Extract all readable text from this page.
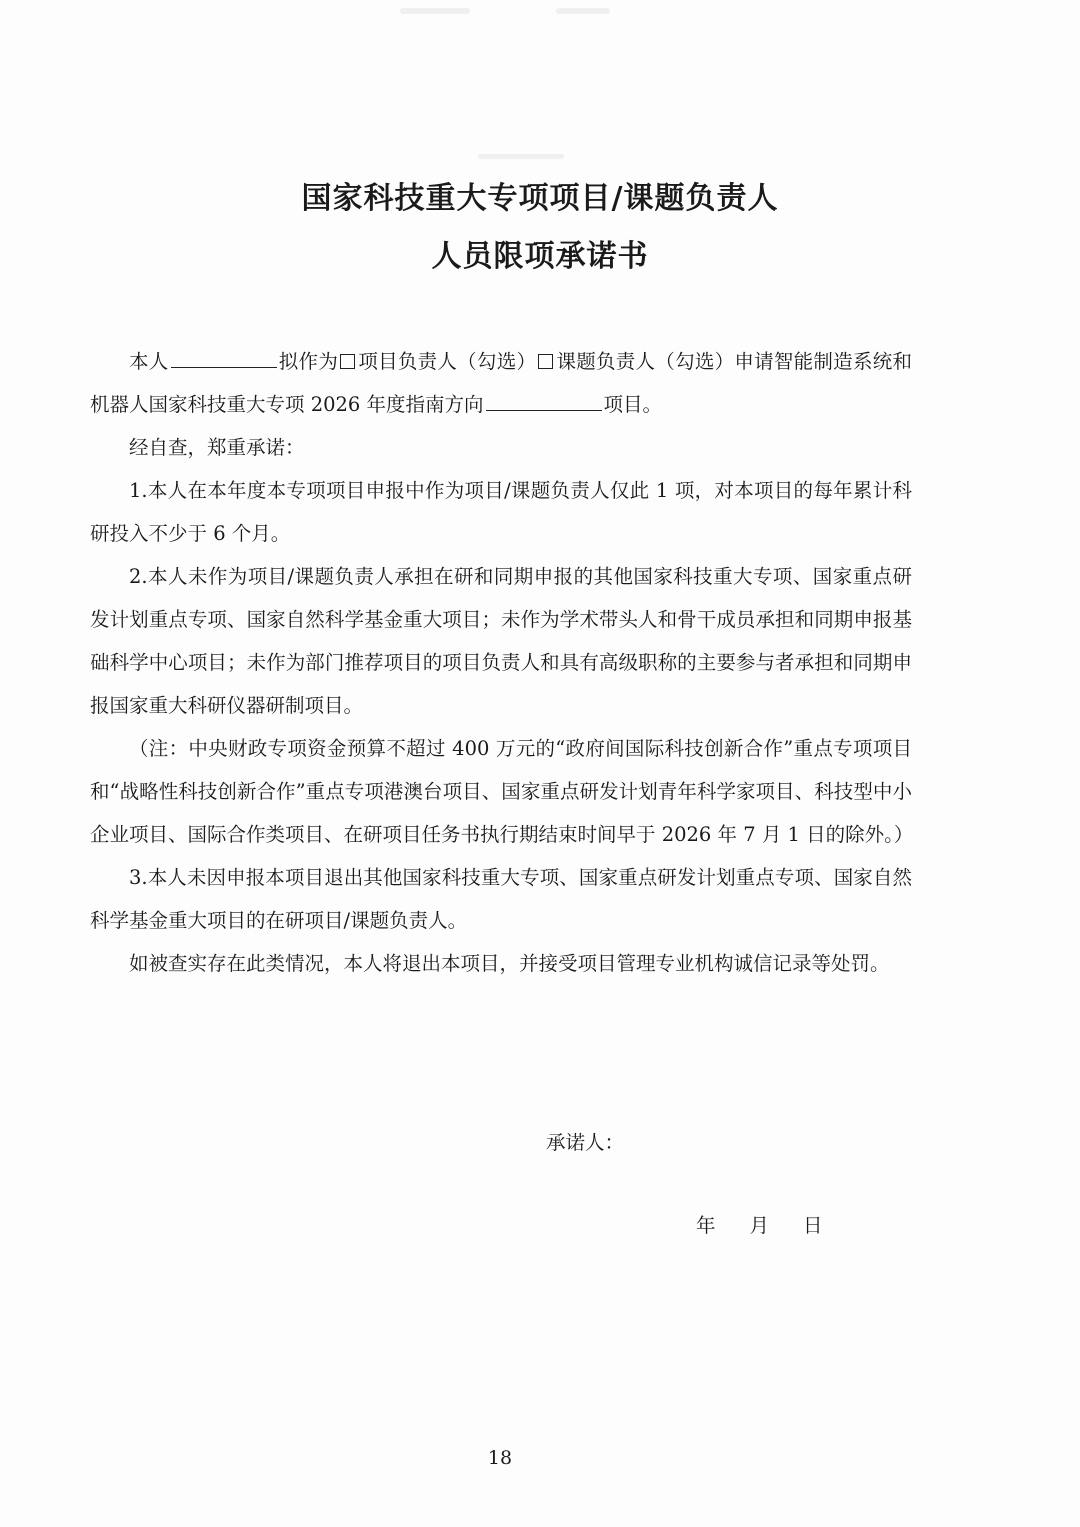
国家科技重大专项项目/课题负责人
人员限项承诺书

本人	拟作为 项目负责人（勾选） 课题负责人（勾选）申请智能制造系统和机器人国家科技重大专项 2026 年度指南方向	项目。

经自查，郑重承诺：

1.本人在本年度本专项项目申报中作为项目/课题负责人仅此 1 项，对本项目的每年累计科研投入不少于 6 个月。

2.本人未作为项目/课题负责人承担在研和同期申报的其他国家科技重大专项、国家重点研发计划重点专项、国家自然科学基金重大项目；未作为学术带头人和骨干成员承担和同期申报基础科学中心项目；未作为部门推荐项目的项目负责人和具有高级职称的主要参与者承担和同期申报国家重大科研仪器研制项目。

（注：中央财政专项资金预算不超过 400 万元的“政府间国际科技创新合作”重点专项项目和“战略性科技创新合作”重点专项港澳台项目、国家重点研发计划青年科学家项目、科技型中小企业项目、国际合作类项目、在研项目任务书执行期结束时间早于 2026 年 7 月 1 日的除外。）

3.本人未因申报本项目退出其他国家科技重大专项、国家重点研发计划重点专项、国家自然科学基金重大项目的在研项目/课题负责人。

如被查实存在此类情况，本人将退出本项目，并接受项目管理专业机构诚信记录等处罚。

承诺人：
年 月 日
18
